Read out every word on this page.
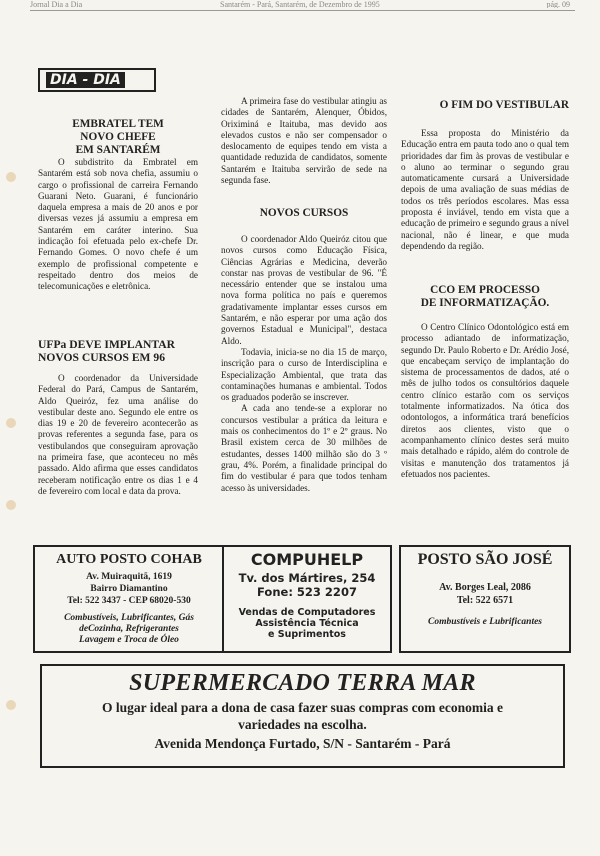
Jornal Dia a Dia	Santarém - Pará, Santarém, de Dezembro de 1995	pág. 09
DIA - DIA
EMBRATEL TEM
NOVO CHEFE
EM SANTARÉM

O subdistrito da Embratel em Santarém está sob nova chefia, assumiu o cargo o profissional de carreira Fernando Guarani Neto. Guarani, é funcionário daquela empresa a mais de 20 anos e por diversas vezes já assumiu a empresa em Santarém em caráter interino. Sua indicação foi efetuada pelo ex-chefe Dr. Fernando Gomes. O novo chefe é um exemplo de profissional competente e respeitado dentro dos meios de telecomunicações e eletrônica.

UFPa DEVE IMPLANTAR
NOVOS CURSOS EM 96

O coordenador da Universidade Federal do Pará, Campus de Santarém, Aldo Queiróz, fez uma análise do vestibular deste ano. Segundo ele entre os dias 19 e 20 de fevereiro acontecerão as provas referentes a segunda fase, para os vestibulandos que conseguiram aprovação na primeira fase, que aconteceu no mês passado. Aldo afirma que esses candidatos receberam notificação entre os dias 1 e 4 de fevereiro com local e data da prova.

A primeira fase do vestibular atingiu as cidades de Santarém, Alenquer, Óbidos, Oriximiná e Itaituba, mas devido aos elevados custos e não ser compensador o deslocamento de equipes tendo em vista a quantidade reduzida de candidatos, somente Santarém e Itaituba servirão de sede na segunda fase.

NOVOS CURSOS

O coordenador Aldo Queiróz citou que novos cursos como Educação Física, Ciências Agrárias e Medicina, deverão constar nas provas de vestibular de 96. "É necessário entender que se instalou uma nova forma política no país e queremos gradativamente implantar esses cursos em Santarém, e não esperar por uma ação dos governos Estadual e Municipal", destaca Aldo.

Todavia, inicia-se no dia 15 de março, inscrição para o curso de Interdisciplina e Especialização Ambiental, que trata das contaminações humanas e ambiental. Todos os graduados poderão se inscrever.

A cada ano tende-se a explorar no concursos vestibular a prática da leitura e mais os conhecimentos do 1º e 2º graus. No Brasil existem cerca de 30 milhões de estudantes, desses 1400 milhão são do 3 º grau, 4%. Porém, a finalidade principal do fim do vestibular é para que todos tenham acesso às universidades.

O FIM DO VESTIBULAR

Essa proposta do Ministério da Educação entra em pauta todo ano o qual tem prioridades dar fim às provas de vestibular e o aluno ao terminar o segundo grau automaticamente cursará a Universidade depois de uma avaliação de suas médias de todos os três períodos escolares. Mas essa proposta é inviável, tendo em vista que a educação de primeiro e segundo graus a nível nacional, não é linear, e que muda dependendo da região.

CCO EM PROCESSO
DE INFORMATIZAÇÃO.

O Centro Clínico Odontológico está em processo adiantado de informatização, segundo Dr. Paulo Roberto e Dr. Arédio José, que encabeçam serviço de implantação do sistema de processamentos de dados, até o mês de julho todos os consultórios daquele centro clínico estarão com os serviços totalmente informatizados. Na ótica dos odontologos, a informática trará benefícios diretos aos clientes, visto que o acompanhamento clínico destes será muito mais detalhado e rápido, além do controle de visitas e manutenção dos tratamentos já efetuados nos pacientes.

AUTO POSTO COHAB
Av. Muiraquitã, 1619
Bairro Diamantino
Tel: 522 3437 - CEP 68020-530
Combustíveis, Lubrificantes, Gás
deCozinha, Refrigerantes
Lavagem e Troca de Óleo
COMPUHELP
Tv. dos Mártires, 254
Fone: 523 2207
Vendas de Computadores
Assistência Técnica
e Suprimentos
POSTO SÃO JOSÉ
Av. Borges Leal, 2086
Tel: 522 6571
Combustíveis e Lubrificantes
SUPERMERCADO TERRA MAR
O lugar ideal para a dona de casa fazer suas compras com economia e
variedades na escolha.
Avenida Mendonça Furtado, S/N - Santarém - Pará
